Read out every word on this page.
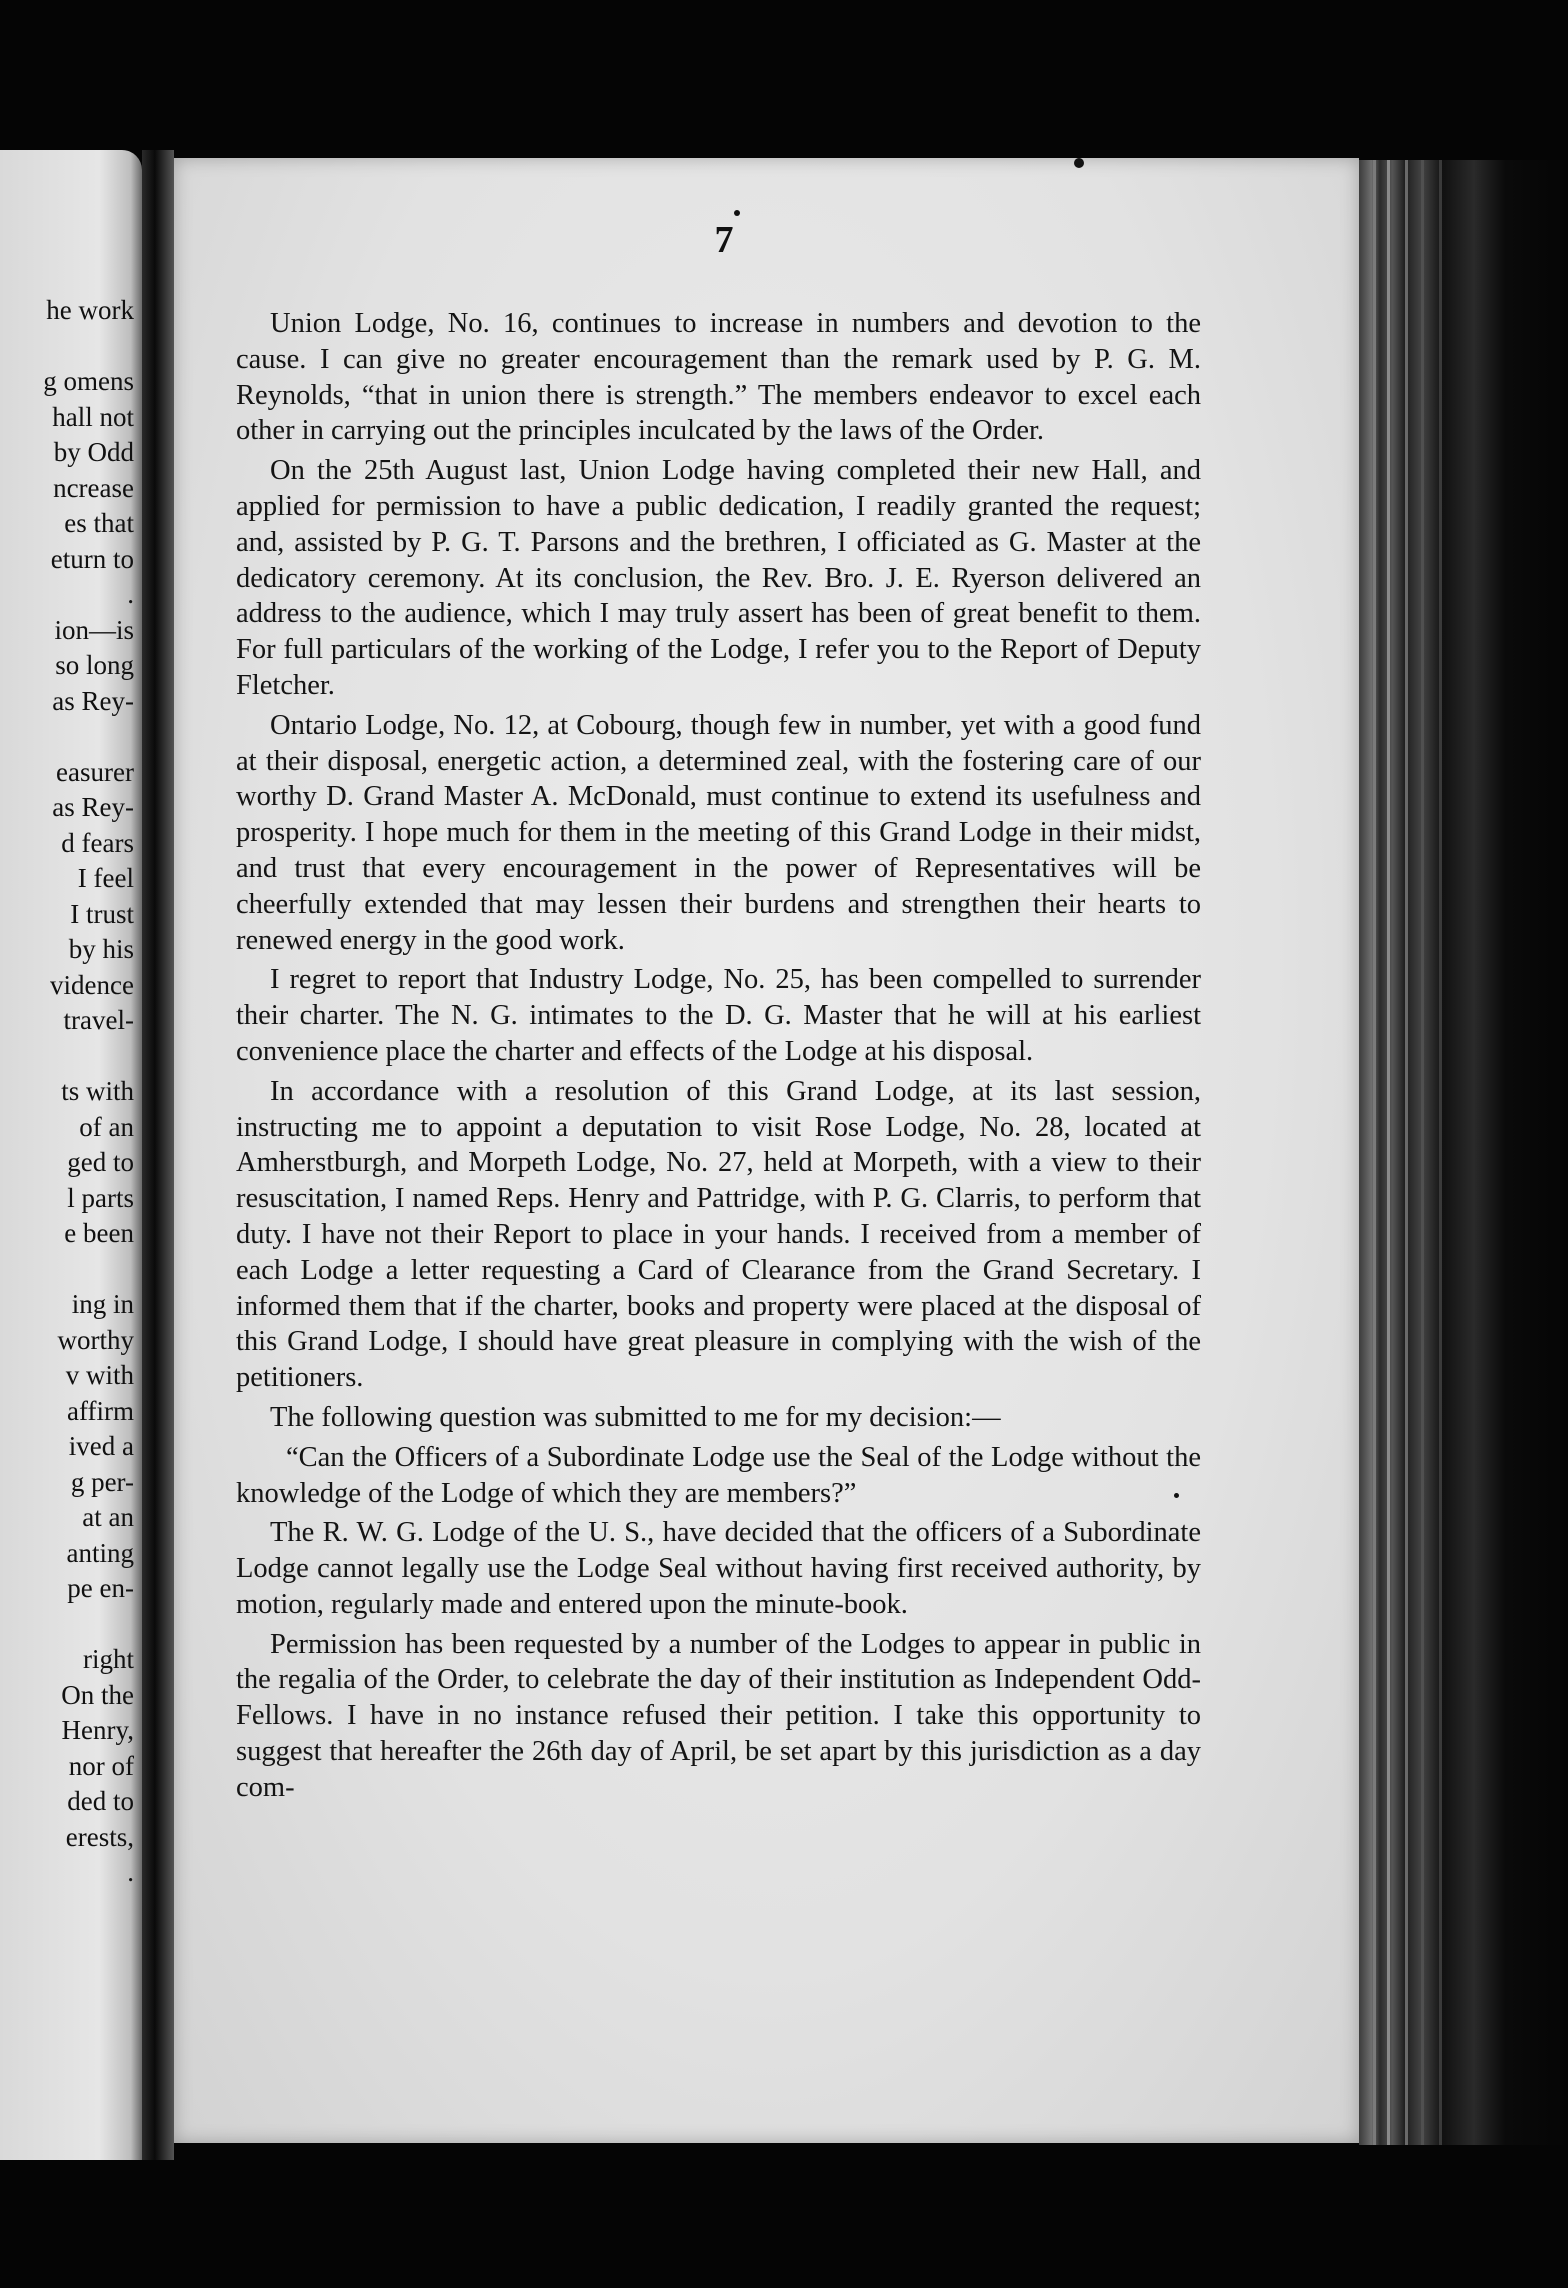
he work
g omens
hall not
by Odd
ncrease
es that
eturn to
.
ion—is
so long
as Rey-
easurer
as Rey-
d fears
I feel
I trust
by his
vidence
travel-
ts with
of an
ged to
l parts
e been
ing in
worthy
v with
affirm
ived a
g per-
at an
anting
pe en-
right
On the
Henry,
nor of
ded to
erests,
.
7

Union Lodge, No. 16, continues to increase in numbers and devotion to the cause. I can give no greater encouragement than the remark used by P. G. M. Reynolds, “that in union there is strength.” The members endeavor to excel each other in carrying out the principles inculcated by the laws of the Order.

On the 25th August last, Union Lodge having completed their new Hall, and applied for permission to have a public dedication, I readily granted the request; and, assisted by P. G. T. Parsons and the brethren, I officiated as G. Master at the dedicatory ceremony. At its conclusion, the Rev. Bro. J. E. Ryerson delivered an address to the audience, which I may truly assert has been of great benefit to them. For full particulars of the working of the Lodge, I refer you to the Report of Deputy Fletcher.

Ontario Lodge, No. 12, at Cobourg, though few in number, yet with a good fund at their disposal, energetic action, a determined zeal, with the fostering care of our worthy D. Grand Master A. McDonald, must continue to extend its usefulness and prosperity. I hope much for them in the meeting of this Grand Lodge in their midst, and trust that every encouragement in the power of Representatives will be cheerfully extended that may lessen their burdens and strengthen their hearts to renewed energy in the good work.

I regret to report that Industry Lodge, No. 25, has been compelled to surrender their charter. The N. G. intimates to the D. G. Master that he will at his earliest convenience place the charter and effects of the Lodge at his disposal.

In accordance with a resolution of this Grand Lodge, at its last session, instructing me to appoint a deputation to visit Rose Lodge, No. 28, located at Amherstburgh, and Morpeth Lodge, No. 27, held at Morpeth, with a view to their resuscitation, I named Reps. Henry and Pattridge, with P. G. Clarris, to perform that duty. I have not their Report to place in your hands. I received from a member of each Lodge a letter requesting a Card of Clearance from the Grand Secretary. I informed them that if the charter, books and property were placed at the disposal of this Grand Lodge, I should have great pleasure in complying with the wish of the petitioners.

The following question was submitted to me for my decision:—

“Can the Officers of a Subordinate Lodge use the Seal of the Lodge without the knowledge of the Lodge of which they are members?”

The R. W. G. Lodge of the U. S., have decided that the officers of a Subordinate Lodge cannot legally use the Lodge Seal without having first received authority, by motion, regularly made and entered upon the minute-book.

Permission has been requested by a number of the Lodges to appear in public in the regalia of the Order, to celebrate the day of their institution as Independent Odd-Fellows. I have in no instance refused their petition. I take this opportunity to suggest that hereafter the 26th day of April, be set apart by this jurisdiction as a day com-
